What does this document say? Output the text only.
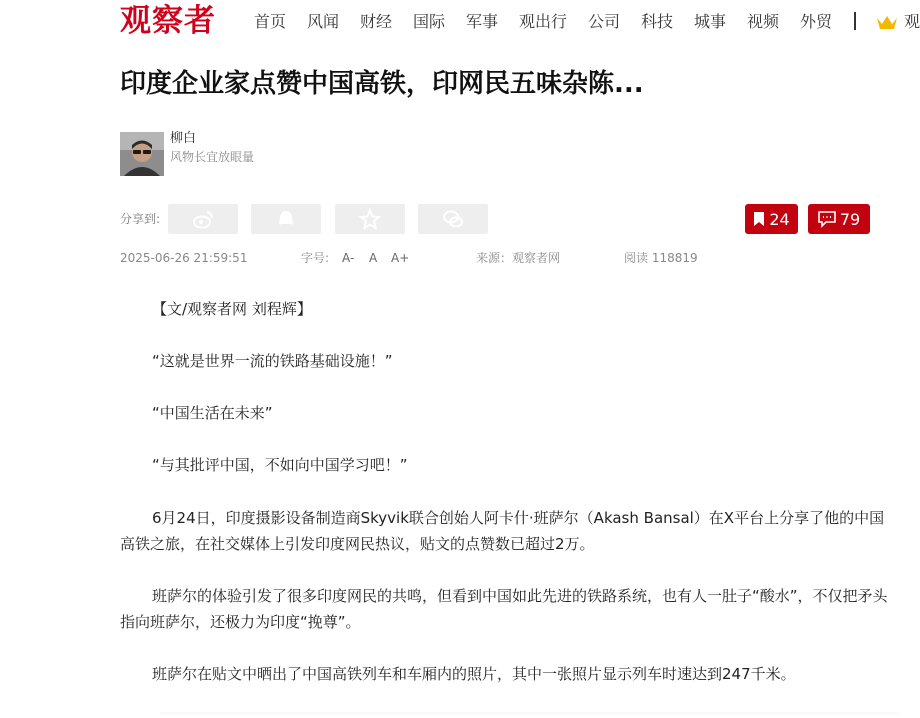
观察者 首页 风闻 财经 国际 军事 观出行 公司 科技 城事 视频 外贸	观
印度企业家点赞中国高铁，印网民五味杂陈...
柳白
风物长宜放眼量
分享到:	24	79
2025-06-26 21:59:51	字号: A- A A+	来源：观察者网	阅读 118819
【文/观察者网 刘程辉】
“这就是世界一流的铁路基础设施！”
“中国生活在未来”
“与其批评中国，不如向中国学习吧！”
6月24日，印度摄影设备制造商Skyvik联合创始人阿卡什·班萨尔（Akash Bansal）在X平台上分享了他的中国高铁之旅，在社交媒体上引发印度网民热议，贴文的点赞数已超过2万。
班萨尔的体验引发了很多印度网民的共鸣，但看到中国如此先进的铁路系统，也有人一肚子“酸水”，不仅把矛头指向班萨尔，还极力为印度“挽尊”。
班萨尔在贴文中晒出了中国高铁列车和车厢内的照片，其中一张照片显示列车时速达到247千米。
